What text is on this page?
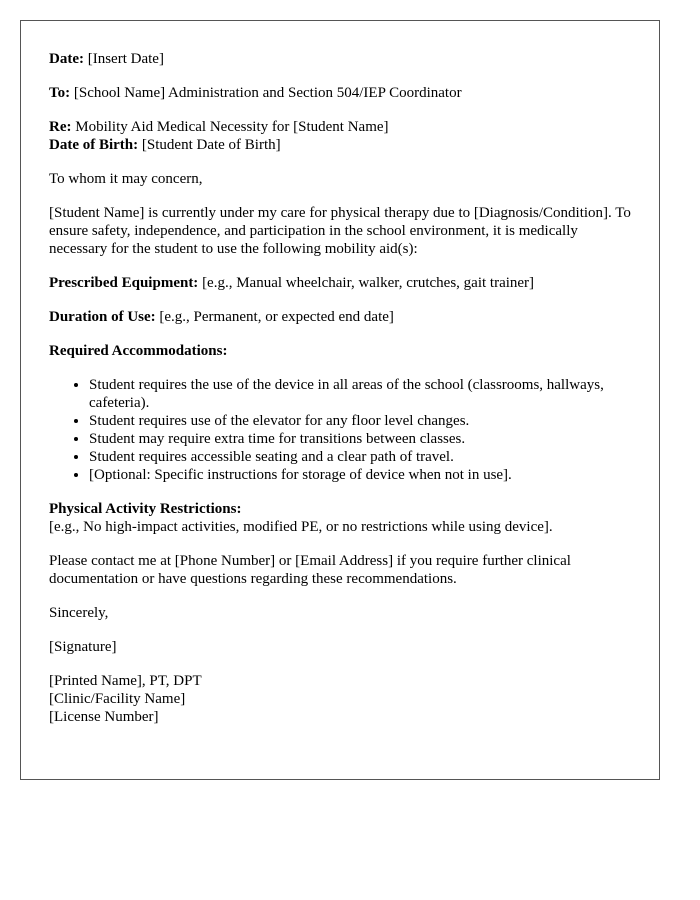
Date: [Insert Date]

To: [School Name] Administration and Section 504/IEP Coordinator

Re: Mobility Aid Medical Necessity for [Student Name]
Date of Birth: [Student Date of Birth]

To whom it may concern,

[Student Name] is currently under my care for physical therapy due to [Diagnosis/Condition]. To ensure safety, independence, and participation in the school environment, it is medically necessary for the student to use the following mobility aid(s):

Prescribed Equipment: [e.g., Manual wheelchair, walker, crutches, gait trainer]

Duration of Use: [e.g., Permanent, or expected end date]

Required Accommodations:

• Student requires the use of the device in all areas of the school (classrooms, hallways, cafeteria).
• Student requires use of the elevator for any floor level changes.
• Student may require extra time for transitions between classes.
• Student requires accessible seating and a clear path of travel.
• [Optional: Specific instructions for storage of device when not in use].

Physical Activity Restrictions:
[e.g., No high-impact activities, modified PE, or no restrictions while using device].

Please contact me at [Phone Number] or [Email Address] if you require further clinical documentation or have questions regarding these recommendations.

Sincerely,

[Signature]

[Printed Name], PT, DPT
[Clinic/Facility Name]
[License Number]
